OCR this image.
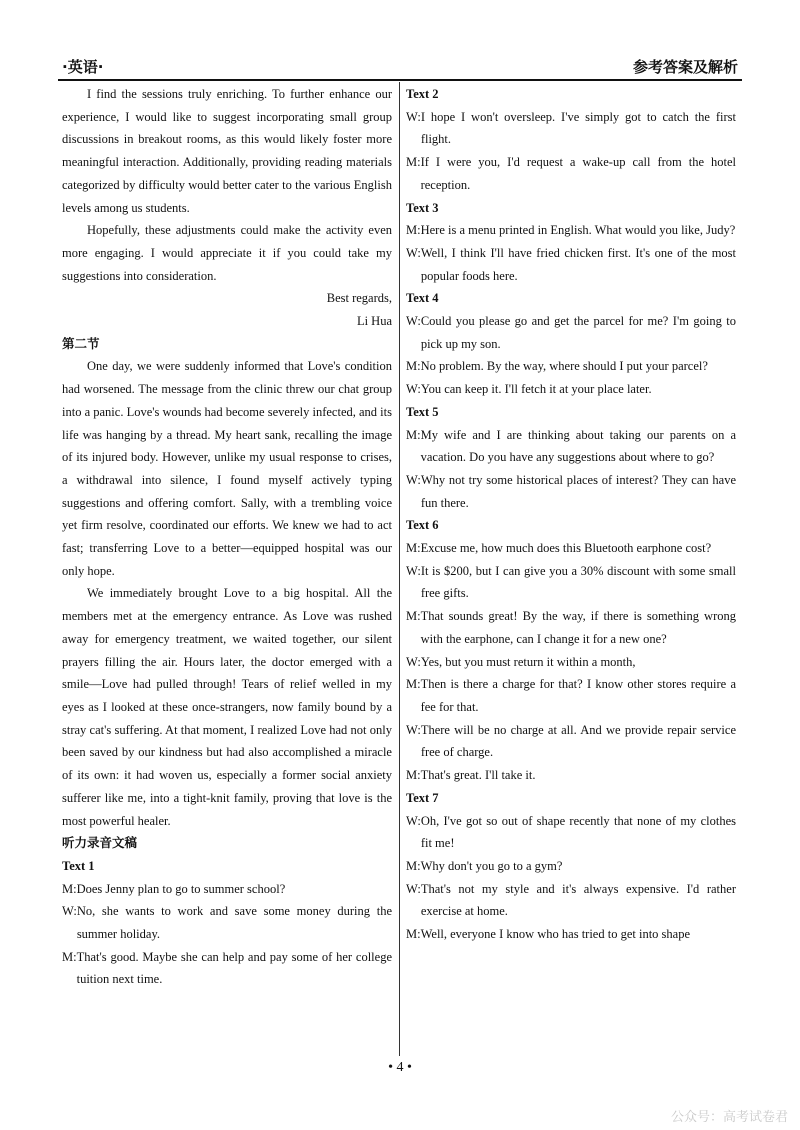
·英语·	参考答案及解析

I find the sessions truly enriching. To further enhance our experience, I would like to suggest incorporating small group discussions in breakout rooms, as this would likely foster more meaningful interaction. Additionally, providing reading materials categorized by difficulty would better cater to the various English levels among us students.

Hopefully, these adjustments could make the activity even more engaging. I would appreciate it if you could take my suggestions into consideration.

Best regards,

Li Hua

第二节

One day, we were suddenly informed that Love's condition had worsened. The message from the clinic threw our chat group into a panic. Love's wounds had become severely infected, and its life was hanging by a thread. My heart sank, recalling the image of its injured body. However, unlike my usual response to crises, a withdrawal into silence, I found myself actively typing suggestions and offering comfort. Sally, with a trembling voice yet firm resolve, coordinated our efforts. We knew we had to act fast; transferring Love to a better—equipped hospital was our only hope.

We immediately brought Love to a big hospital. All the members met at the emergency entrance. As Love was rushed away for emergency treatment, we waited together, our silent prayers filling the air. Hours later, the doctor emerged with a smile—Love had pulled through! Tears of relief welled in my eyes as I looked at these once-strangers, now family bound by a stray cat's suffering. At that moment, I realized Love had not only been saved by our kindness but had also accomplished a miracle of its own: it had woven us, especially a former social anxiety sufferer like me, into a tight-knit family, proving that love is the most powerful healer.

听力录音文稿

Text 1

M: Does Jenny plan to go to summer school?
W: No, she wants to work and save some money during the summer holiday.
M: That's good. Maybe she can help and pay some of her college tuition next time.

Text 2

W: I hope I won't oversleep. I've simply got to catch the first flight.
M: If I were you, I'd request a wake-up call from the hotel reception.

Text 3

M: Here is a menu printed in English. What would you like, Judy?
W: Well, I think I'll have fried chicken first. It's one of the most popular foods here.

Text 4

W: Could you please go and get the parcel for me? I'm going to pick up my son.
M: No problem. By the way, where should I put your parcel?
W: You can keep it. I'll fetch it at your place later.

Text 5

M: My wife and I are thinking about taking our parents on a vacation. Do you have any suggestions about where to go?
W: Why not try some historical places of interest? They can have fun there.

Text 6

M: Excuse me, how much does this Bluetooth earphone cost?
W: It is $200, but I can give you a 30% discount with some small free gifts.
M: That sounds great! By the way, if there is something wrong with the earphone, can I change it for a new one?
W: Yes, but you must return it within a month,
M: Then is there a charge for that? I know other stores require a fee for that.
W: There will be no charge at all. And we provide repair service free of charge.
M: That's great. I'll take it.

Text 7

W: Oh, I've got so out of shape recently that none of my clothes fit me!
M: Why don't you go to a gym?
W: That's not my style and it's always expensive. I'd rather exercise at home.
M: Well, everyone I know who has tried to get into shape
• 4 •
公众号：高考试卷君
